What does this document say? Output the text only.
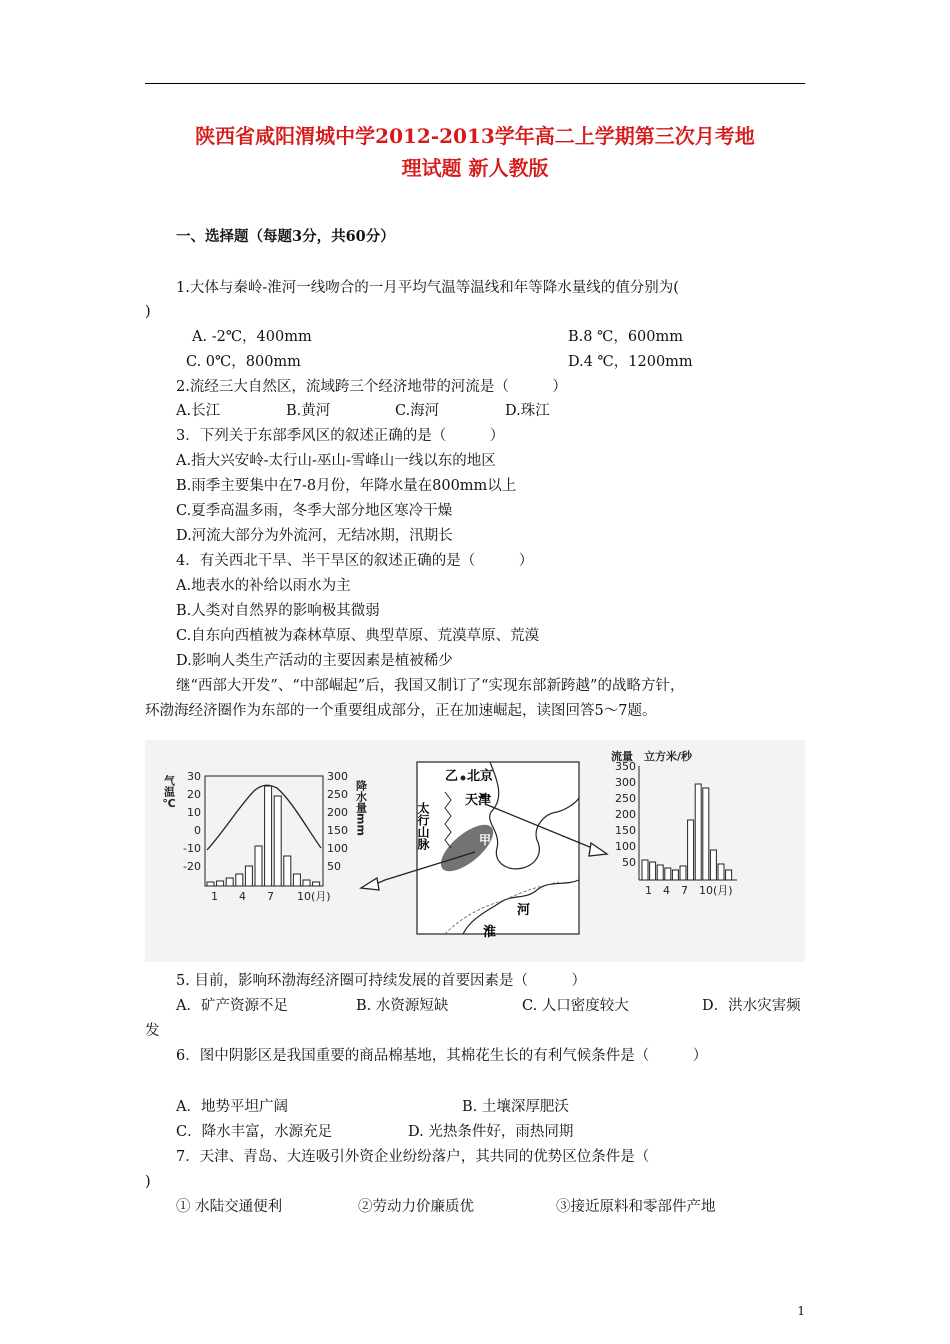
陕西省咸阳渭城中学2012-2013学年高二上学期第三次月考地
理试题 新人教版
一、选择题（每题3分，共60分）
1.大体与秦岭-淮河一线吻合的一月平均气温等温线和年等降水量线的值分别为(
)
A. -2℃，400mm	B.8 ℃，600mm
C. 0℃，800mm	D.4 ℃，1200mm
2.流经三大自然区，流域跨三个经济地带的河流是（　　　）
A.长江	B.黄河	C.海河	D.珠江
3．下列关于东部季风区的叙述正确的是（　　　）
A.指大兴安岭-太行山-巫山-雪峰山一线以东的地区
B.雨季主要集中在7-8月份，年降水量在800mm以上
C.夏季高温多雨，冬季大部分地区寒冷干燥
D.河流大部分为外流河，无结冰期，汛期长
4．有关西北干旱、半干旱区的叙述正确的是（　　　）
A.地表水的补给以雨水为主
B.人类对自然界的影响极其微弱
C.自东向西植被为森林草原、典型草原、荒漠草原、荒漠
D.影响人类生产活动的主要因素是植被稀少
继“西部大开发”、“中部崛起”后，我国又制订了“实现东部新跨越”的战略方针，
环渤海经济圈作为东部的一个重要组成部分，正在加速崛起，读图回答5～7题。
气温℃ 30
20
10
0
-10
-20
300
250
200
150
100
50
降水量mm
1 4 7 10(月)
乙 北京
天津
太行山脉	甲
河
淮
流量　立方米/秒
350
300
250
200
150
100
50
1 4 7 10(月)
5. 目前，影响环渤海经济圈可持续发展的首要因素是（　　　）
A．矿产资源不足	B. 水资源短缺	C. 人口密度较大	D．洪水灾害频
发
6．图中阴影区是我国重要的商品棉基地，其棉花生长的有利气候条件是（　　　）
A．地势平坦广阔	B. 土壤深厚肥沃
C．降水丰富，水源充足	D. 光热条件好，雨热同期
7．天津、青岛、大连吸引外资企业纷纷落户，其共同的优势区位条件是（
)
① 水陆交通便利	②劳动力价廉质优	③接近原料和零部件产地
1
